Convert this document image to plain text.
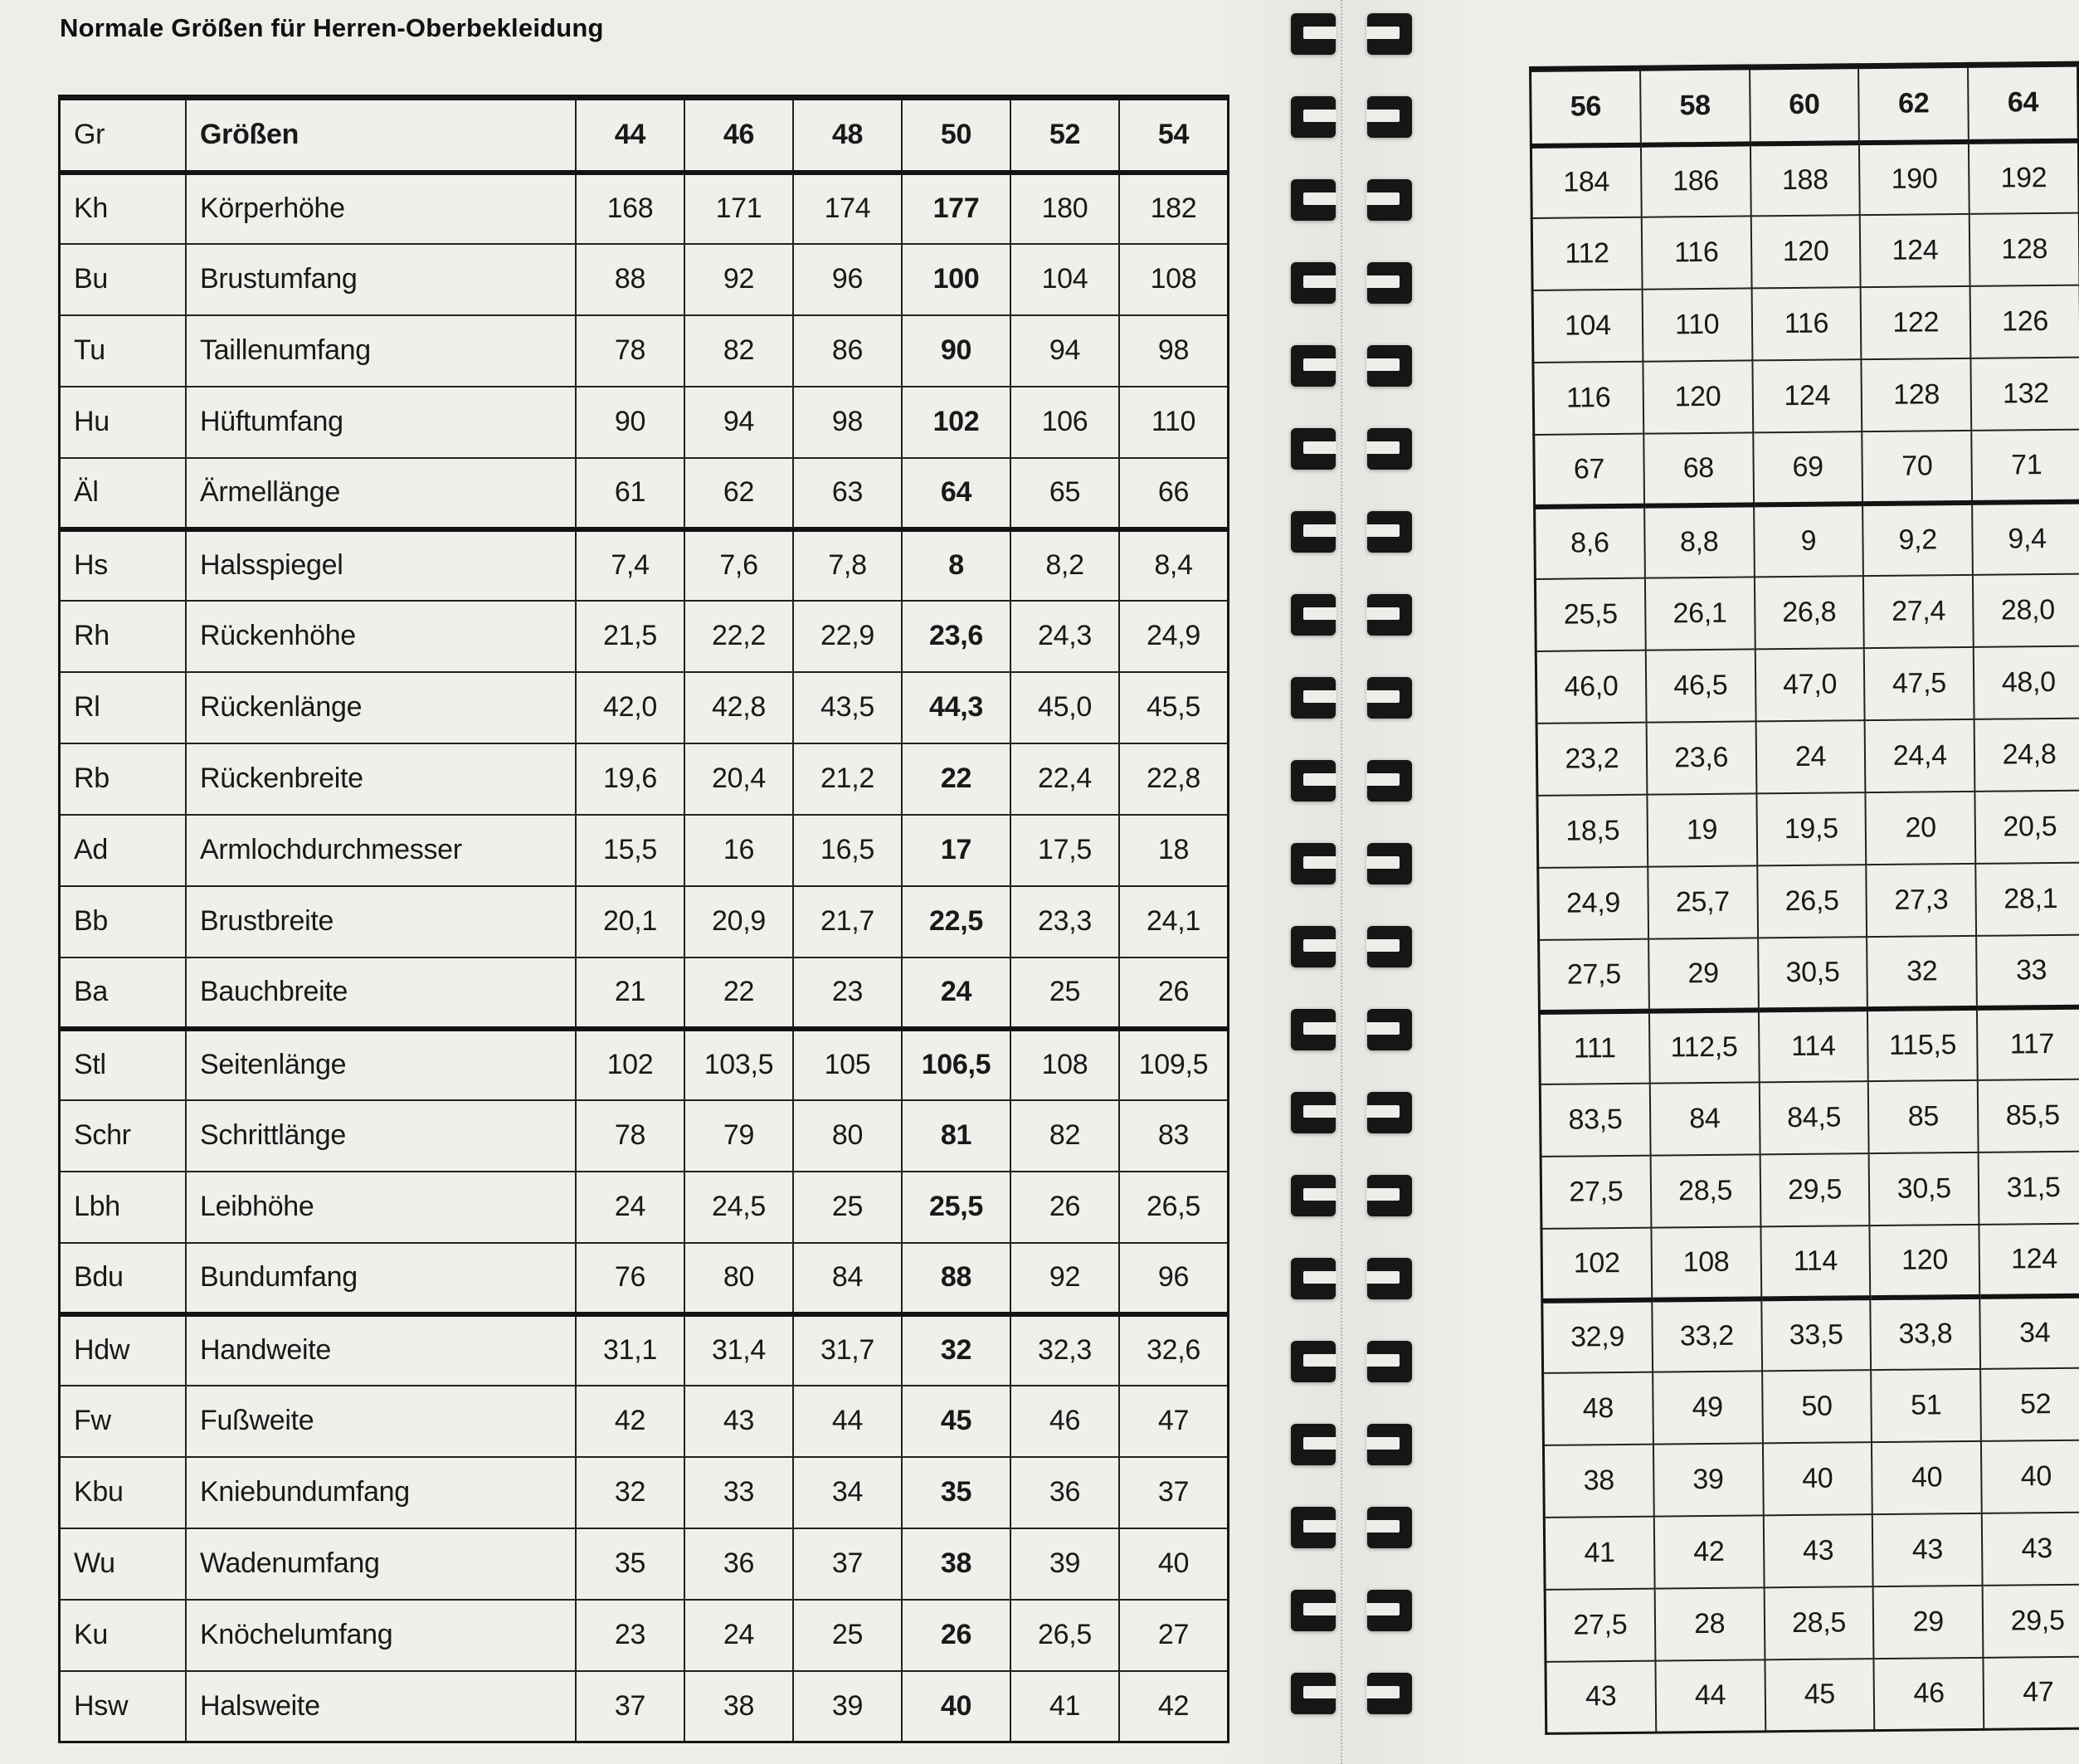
Normale Größen für Herren-Oberbekleidung
Gr	Größen	44	46	48	50	52	54
Kh	Körperhöhe	168	171	174	177	180	182
Bu	Brustumfang	88	92	96	100	104	108
Tu	Taillenumfang	78	82	86	90	94	98
Hu	Hüftumfang	90	94	98	102	106	110
Äl	Ärmellänge	61	62	63	64	65	66
Hs	Halsspiegel	7,4	7,6	7,8	8	8,2	8,4
Rh	Rückenhöhe	21,5	22,2	22,9	23,6	24,3	24,9
Rl	Rückenlänge	42,0	42,8	43,5	44,3	45,0	45,5
Rb	Rückenbreite	19,6	20,4	21,2	22	22,4	22,8
Ad	Armlochdurchmesser	15,5	16	16,5	17	17,5	18
Bb	Brustbreite	20,1	20,9	21,7	22,5	23,3	24,1
Ba	Bauchbreite	21	22	23	24	25	26
Stl	Seitenlänge	102	103,5	105	106,5	108	109,5
Schr	Schrittlänge	78	79	80	81	82	83
Lbh	Leibhöhe	24	24,5	25	25,5	26	26,5
Bdu	Bundumfang	76	80	84	88	92	96
Hdw	Handweite	31,1	31,4	31,7	32	32,3	32,6
Fw	Fußweite	42	43	44	45	46	47
Kbu	Kniebundumfang	32	33	34	35	36	37
Wu	Wadenumfang	35	36	37	38	39	40
Ku	Knöchelumfang	23	24	25	26	26,5	27
Hsw	Halsweite	37	38	39	40	41	42
56	58	60	62	64
184	186	188	190	192
112	116	120	124	128
104	110	116	122	126
116	120	124	128	132
67	68	69	70	71
8,6	8,8	9	9,2	9,4
25,5	26,1	26,8	27,4	28,0
46,0	46,5	47,0	47,5	48,0
23,2	23,6	24	24,4	24,8
18,5	19	19,5	20	20,5
24,9	25,7	26,5	27,3	28,1
27,5	29	30,5	32	33
111	112,5	114	115,5	117
83,5	84	84,5	85	85,5
27,5	28,5	29,5	30,5	31,5
102	108	114	120	124
32,9	33,2	33,5	33,8	34
48	49	50	51	52
38	39	40	40	40
41	42	43	43	43
27,5	28	28,5	29	29,5
43	44	45	46	47
